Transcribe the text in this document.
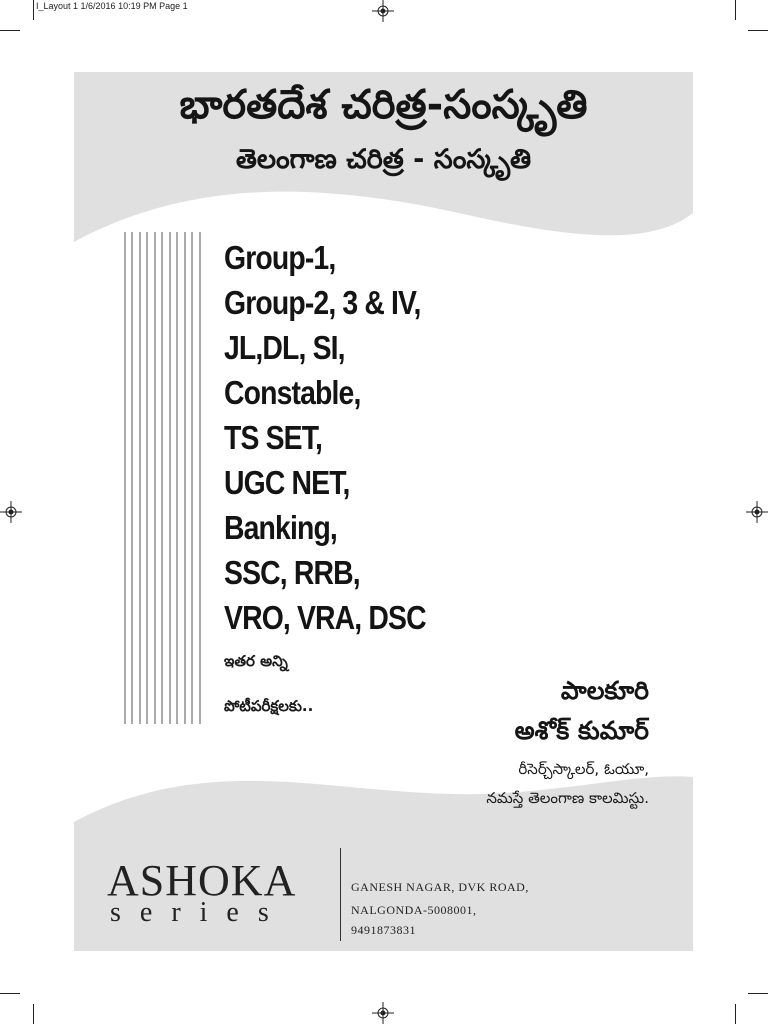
I_Layout 1 1/6/2016 10:19 PM Page 1
భారతదేశ చరిత్ర-సంస్కృతి
తెలంగాణ చరిత్ర - సంస్కృతి
Group-1,
Group-2, 3 & IV,
JL,DL, SI,
Constable,
TS SET,
UGC NET,
Banking,
SSC, RRB,
VRO, VRA, DSC
ఇతర అన్ని
పోటీపరీక్షలకు..
పాలకూరి
అశోక్ కుమార్
రీసెర్చ్‌స్కాలర్, ఓయూ,
నమస్తే తెలంగాణ కాలమిస్టు.
ASHOKA
series
GANESH NAGAR, DVK ROAD,
NALGONDA-5008001,
9491873831
